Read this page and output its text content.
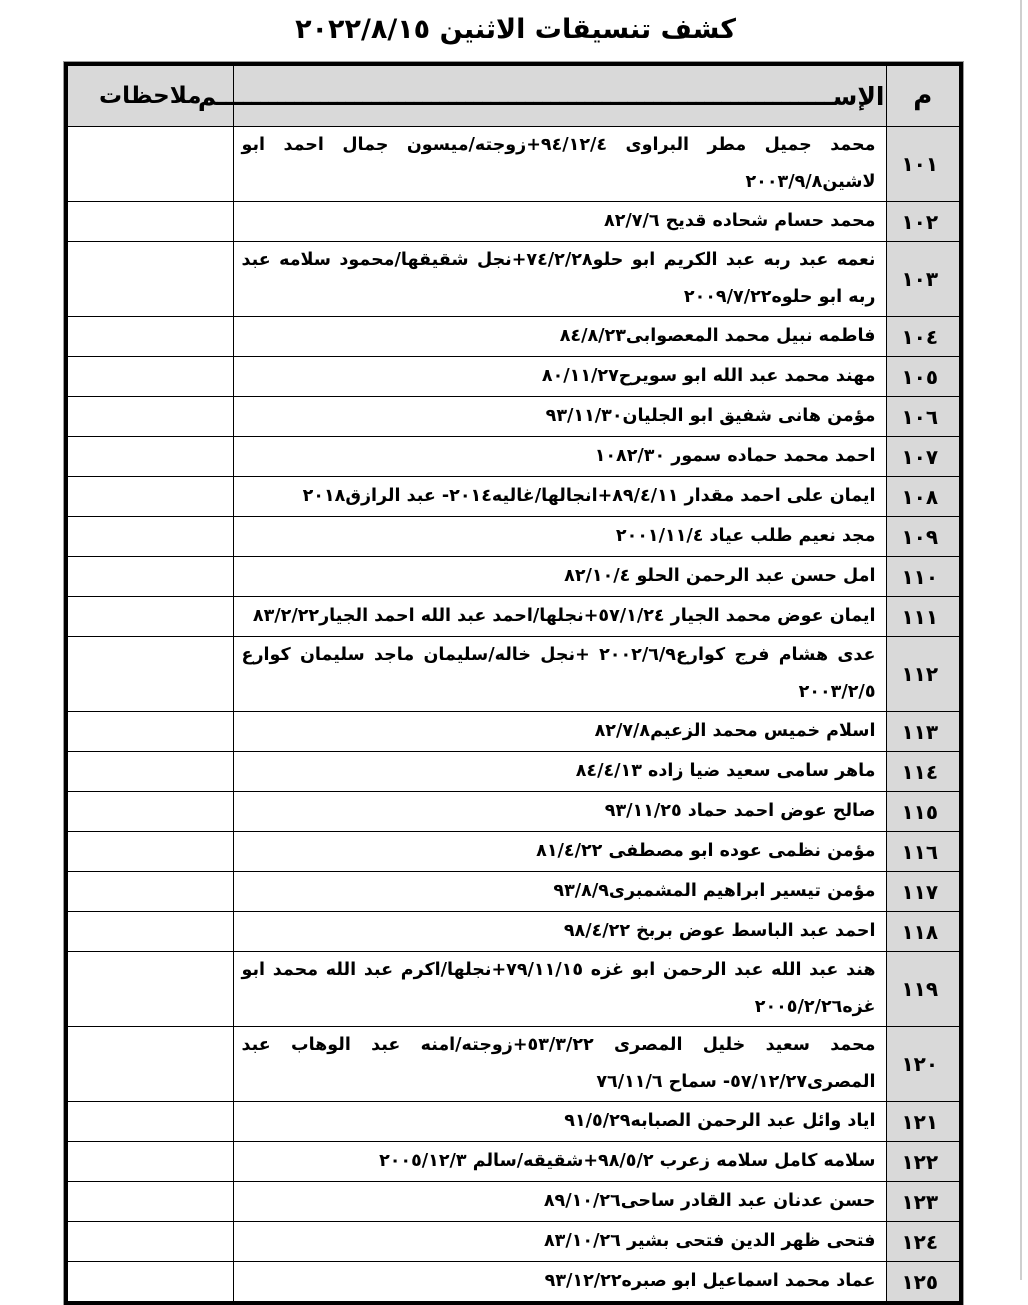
كشف تنسيقات الاثنين ٢٠٢٢/٨/١٥
م	الإســــــــــــــــــــــــــــــــــــــــــــــــــــــــــــــــــــــــم	ملاحظات
١٠١	محمد جميل مطر البراوى ٩٤/١٢/٤+زوجته/ميسون جمال احمد ابو لاشين٢٠٠٣/٩/٨	
١٠٢	محمد حسام شحاده قديح ٨٢/٧/٦	
١٠٣	نعمه عبد ربه عبد الكريم ابو حلو٧٤/٢/٢٨+نجل شقيقها/محمود سلامه عبد ربه ابو حلوه٢٠٠٩/٧/٢٢	
١٠٤	فاطمه نبيل محمد المعصوابى٨٤/٨/٢٣	
١٠٥	مهند محمد عبد الله ابو سويرح٨٠/١١/٢٧	
١٠٦	مؤمن هانى شفيق ابو الجليان٩٣/١١/٣٠	
١٠٧	احمد محمد حماده سمور ١٠٨٢/٣٠	
١٠٨	ايمان على احمد مقدار ٨٩/٤/١١+انجالها/غاليه٢٠١٤- عبد الرازق٢٠١٨	
١٠٩	مجد نعيم طلب عياد ٢٠٠١/١١/٤	
١١٠	امل حسن عبد الرحمن الحلو ٨٢/١٠/٤	
١١١	ايمان عوض محمد الجيار ٥٧/١/٢٤+نجلها/احمد عبد الله احمد الجيار٨٣/٢/٢٢	
١١٢	عدى هشام فرج كوارع٢٠٠٢/٦/٩ +نجل خاله/سليمان ماجد سليمان كوارع ٢٠٠٣/٢/٥	
١١٣	اسلام خميس محمد الزعيم٨٢/٧/٨	
١١٤	ماهر سامى سعيد ضيا زاده ٨٤/٤/١٣	
١١٥	صالح عوض احمد حماد ٩٣/١١/٢٥	
١١٦	مؤمن نظمى عوده ابو مصطفى ٨١/٤/٢٢	
١١٧	مؤمن تيسير ابراهيم المشمبرى٩٣/٨/٩	
١١٨	احمد عبد الباسط عوض بربخ ٩٨/٤/٢٢	
١١٩	هند عبد الله عبد الرحمن ابو غزه ٧٩/١١/١٥+نجلها/اكرم عبد الله محمد ابو غزه٢٠٠٥/٢/٢٦	
١٢٠	محمد سعيد خليل المصرى ٥٣/٣/٢٢+زوجته/امنه عبد الوهاب عبد المصرى٥٧/١٢/٢٧- سماح ٧٦/١١/٦	
١٢١	اياد وائل عبد الرحمن الصبابه٩١/٥/٢٩	
١٢٢	سلامه كامل سلامه زعرب ٩٨/٥/٢+شقيقه/سالم ٢٠٠٥/١٢/٣	
١٢٣	حسن عدنان عبد القادر ساحى٨٩/١٠/٢٦	
١٢٤	فتحى ظهر الدين فتحى بشير ٨٣/١٠/٢٦	
١٢٥	عماد محمد اسماعيل ابو صبره٩٣/١٢/٢٢	
